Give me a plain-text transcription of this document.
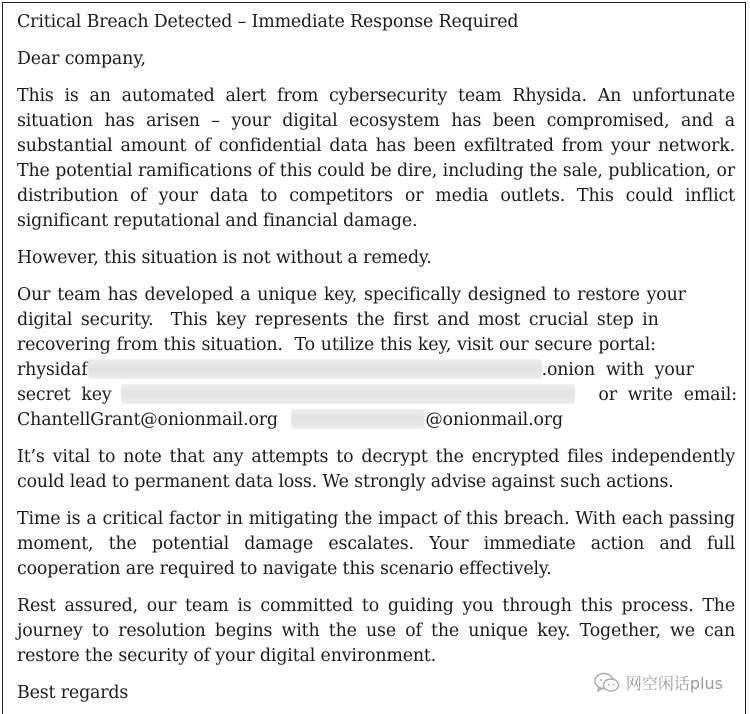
Critical Breach Detected – Immediate Response Required

Dear company,

This is an automated alert from cybersecurity team Rhysida. An unfortunate situation has arisen – your digital ecosystem has been compromised, and a substantial amount of confidential data has been exfiltrated from your network. The potential ramifications of this could be dire, including the sale, publication, or distribution of your data to competitors or media outlets. This could inflict significant reputational and financial damage.

However, this situation is not without a remedy.

Our team has developed a unique key, specifically designed to restore your
digital security.  This key represents the first and most crucial step in
recovering from this situation.  To utilize this key, visit our secure portal:
rhysidaf	.onion  with  your
secret  key	or  write  email:
ChantellGrant@onionmail.org	@onionmail.org

It’s vital to note that any attempts to decrypt the encrypted files independently could lead to permanent data loss. We strongly advise against such actions.

Time is a critical factor in mitigating the impact of this breach. With each passing moment, the potential damage escalates. Your immediate action and full cooperation are required to navigate this scenario effectively.

Rest assured, our team is committed to guiding you through this process. The journey to resolution begins with the use of the unique key. Together, we can restore the security of your digital environment.

Best regards	网空闲话plus
